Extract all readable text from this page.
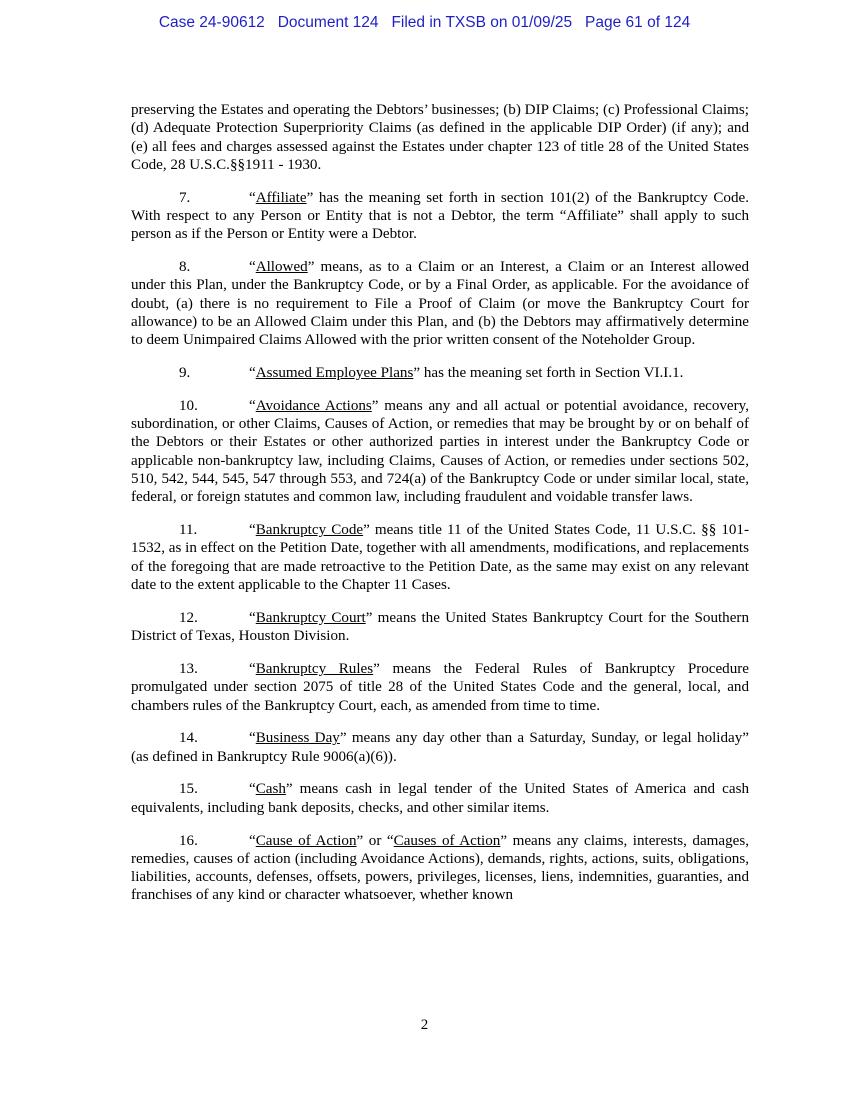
Case 24-90612   Document 124   Filed in TXSB on 01/09/25   Page 61 of 124

preserving the Estates and operating the Debtors’ businesses; (b) DIP Claims; (c) Professional Claims; (d) Adequate Protection Superpriority Claims (as defined in the applicable DIP Order) (if any); and (e) all fees and charges assessed against the Estates under chapter 123 of title 28 of the United States Code, 28 U.S.C.§§1911 - 1930.

7.	“Affiliate” has the meaning set forth in section 101(2) of the Bankruptcy Code. With respect to any Person or Entity that is not a Debtor, the term “Affiliate” shall apply to such person as if the Person or Entity were a Debtor.

8.	“Allowed” means, as to a Claim or an Interest, a Claim or an Interest allowed under this Plan, under the Bankruptcy Code, or by a Final Order, as applicable. For the avoidance of doubt, (a) there is no requirement to File a Proof of Claim (or move the Bankruptcy Court for allowance) to be an Allowed Claim under this Plan, and (b) the Debtors may affirmatively determine to deem Unimpaired Claims Allowed with the prior written consent of the Noteholder Group.

9.	“Assumed Employee Plans” has the meaning set forth in Section VI.I.1.

10.	“Avoidance Actions” means any and all actual or potential avoidance, recovery, subordination, or other Claims, Causes of Action, or remedies that may be brought by or on behalf of the Debtors or their Estates or other authorized parties in interest under the Bankruptcy Code or applicable non-bankruptcy law, including Claims, Causes of Action, or remedies under sections 502, 510, 542, 544, 545, 547 through 553, and 724(a) of the Bankruptcy Code or under similar local, state, federal, or foreign statutes and common law, including fraudulent and voidable transfer laws.

11.	“Bankruptcy Code” means title 11 of the United States Code, 11 U.S.C. §§ 101-1532, as in effect on the Petition Date, together with all amendments, modifications, and replacements of the foregoing that are made retroactive to the Petition Date, as the same may exist on any relevant date to the extent applicable to the Chapter 11 Cases.

12.	“Bankruptcy Court” means the United States Bankruptcy Court for the Southern District of Texas, Houston Division.

13.	“Bankruptcy Rules” means the Federal Rules of Bankruptcy Procedure promulgated under section 2075 of title 28 of the United States Code and the general, local, and chambers rules of the Bankruptcy Court, each, as amended from time to time.

14.	“Business Day” means any day other than a Saturday, Sunday, or legal holiday” (as defined in Bankruptcy Rule 9006(a)(6)).

15.	“Cash” means cash in legal tender of the United States of America and cash equivalents, including bank deposits, checks, and other similar items.

16.	“Cause of Action” or “Causes of Action” means any claims, interests, damages, remedies, causes of action (including Avoidance Actions), demands, rights, actions, suits, obligations, liabilities, accounts, defenses, offsets, powers, privileges, licenses, liens, indemnities, guaranties, and franchises of any kind or character whatsoever, whether known

2
